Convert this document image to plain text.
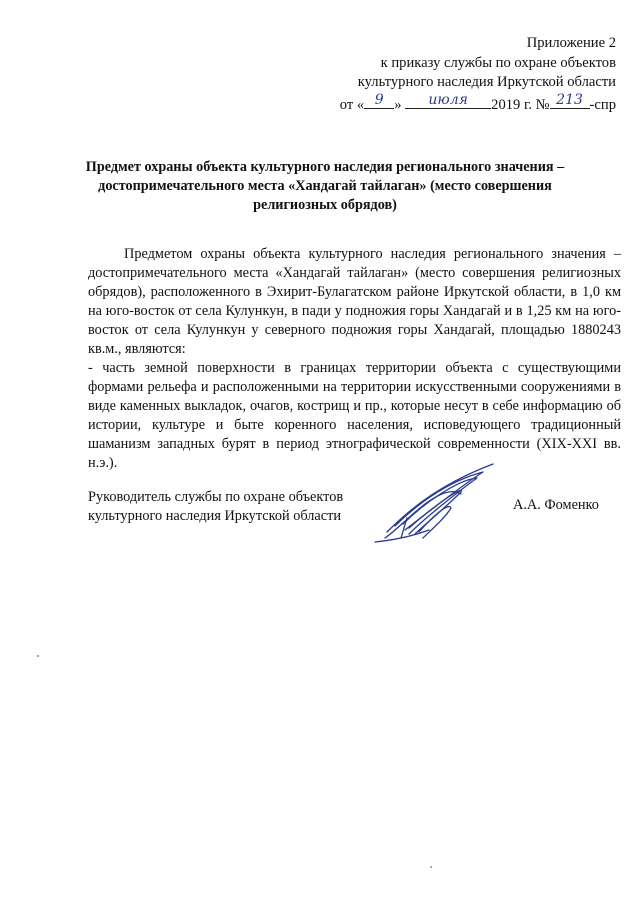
Приложение 2
к приказу службы по охране объектов
культурного наследия Иркутской области
от « 9 »	июля	2019 г. № 213 -спр
Предмет охраны объекта культурного наследия регионального значения –
достопримечательного места «Хандагай тайлаган» (место совершения
религиозных обрядов)

Предметом охраны объекта культурного наследия регионального значения – достопримечательного места «Хандагай тайлаган» (место совершения религиозных обрядов), расположенного в Эхирит-Булагатском районе Иркутской области, в 1,0 км на юго-восток от села Кулункун, в пади у подножия горы Хандагай и в 1,25 км на юго-восток от села Кулункун у северного подножия горы Хандагай, площадью 1880243 кв.м., являются:

- часть земной поверхности в границах территории объекта с существующими формами рельефа и расположенными на территории искусственными сооружениями в виде каменных выкладок, очагов, кострищ и пр., которые несут в себе информацию об истории, культуре и быте коренного населения, исповедующего традиционный шаманизм западных бурят в период этнографической современности (XIX-XXI вв. н.э.).

Руководитель службы по охране объектов
культурного наследия Иркутской области
А.А. Фоменко
